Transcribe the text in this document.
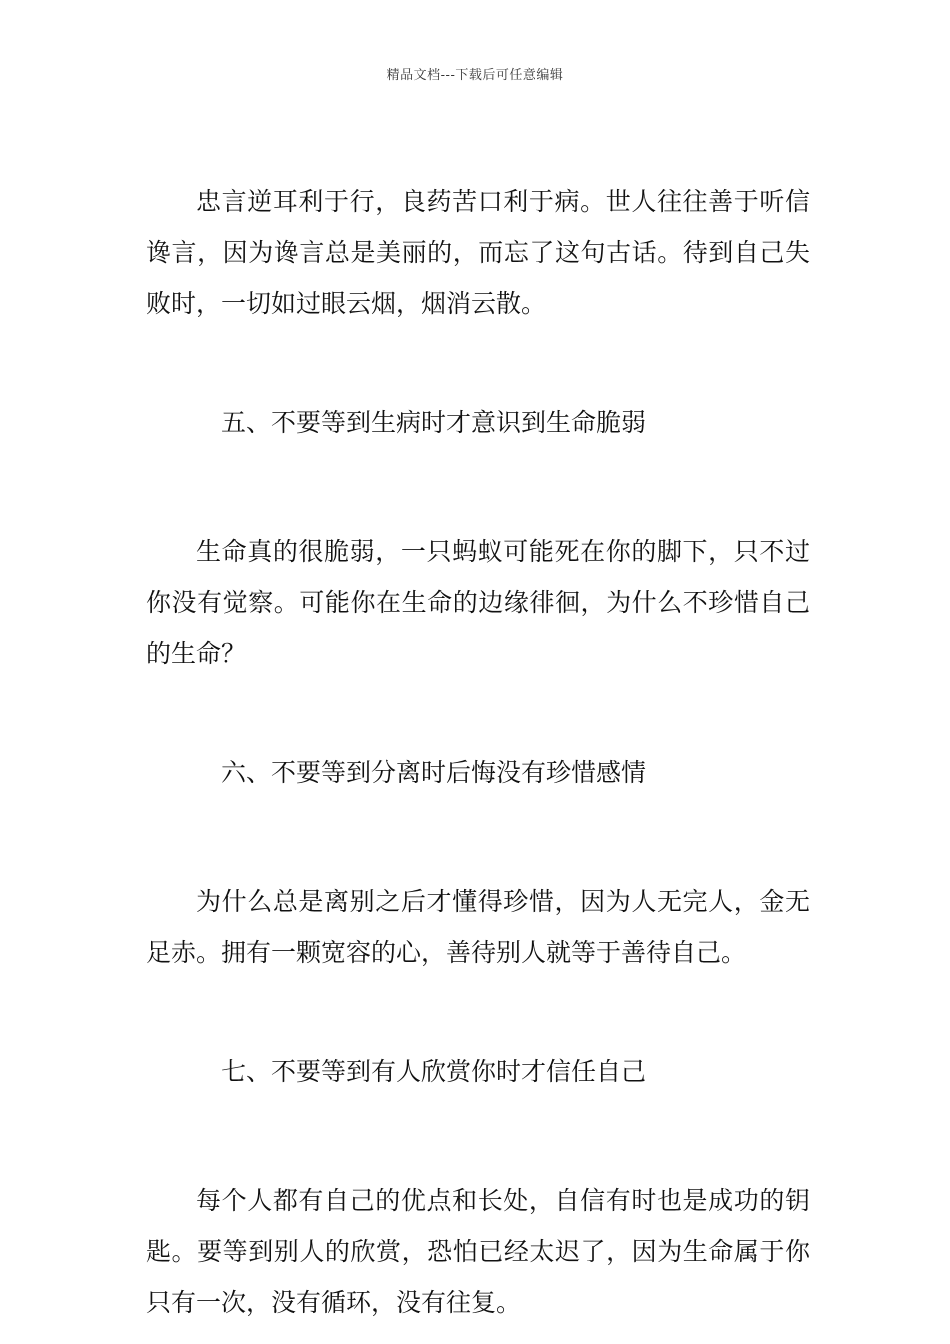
精品文档---下载后可任意编辑

忠言逆耳利于行，良药苦口利于病。世人往往善于听信谗言，因为谗言总是美丽的，而忘了这句古话。待到自己失败时，一切如过眼云烟，烟消云散。

五、不要等到生病时才意识到生命脆弱

生命真的很脆弱，一只蚂蚁可能死在你的脚下，只不过你没有觉察。可能你在生命的边缘徘徊，为什么不珍惜自己的生命？

六、不要等到分离时后悔没有珍惜感情

为什么总是离别之后才懂得珍惜，因为人无完人，金无足赤。拥有一颗宽容的心，善待别人就等于善待自己。

七、不要等到有人欣赏你时才信任自己

每个人都有自己的优点和长处，自信有时也是成功的钥匙。要等到别人的欣赏，恐怕已经太迟了，因为生命属于你只有一次，没有循环，没有往复。
